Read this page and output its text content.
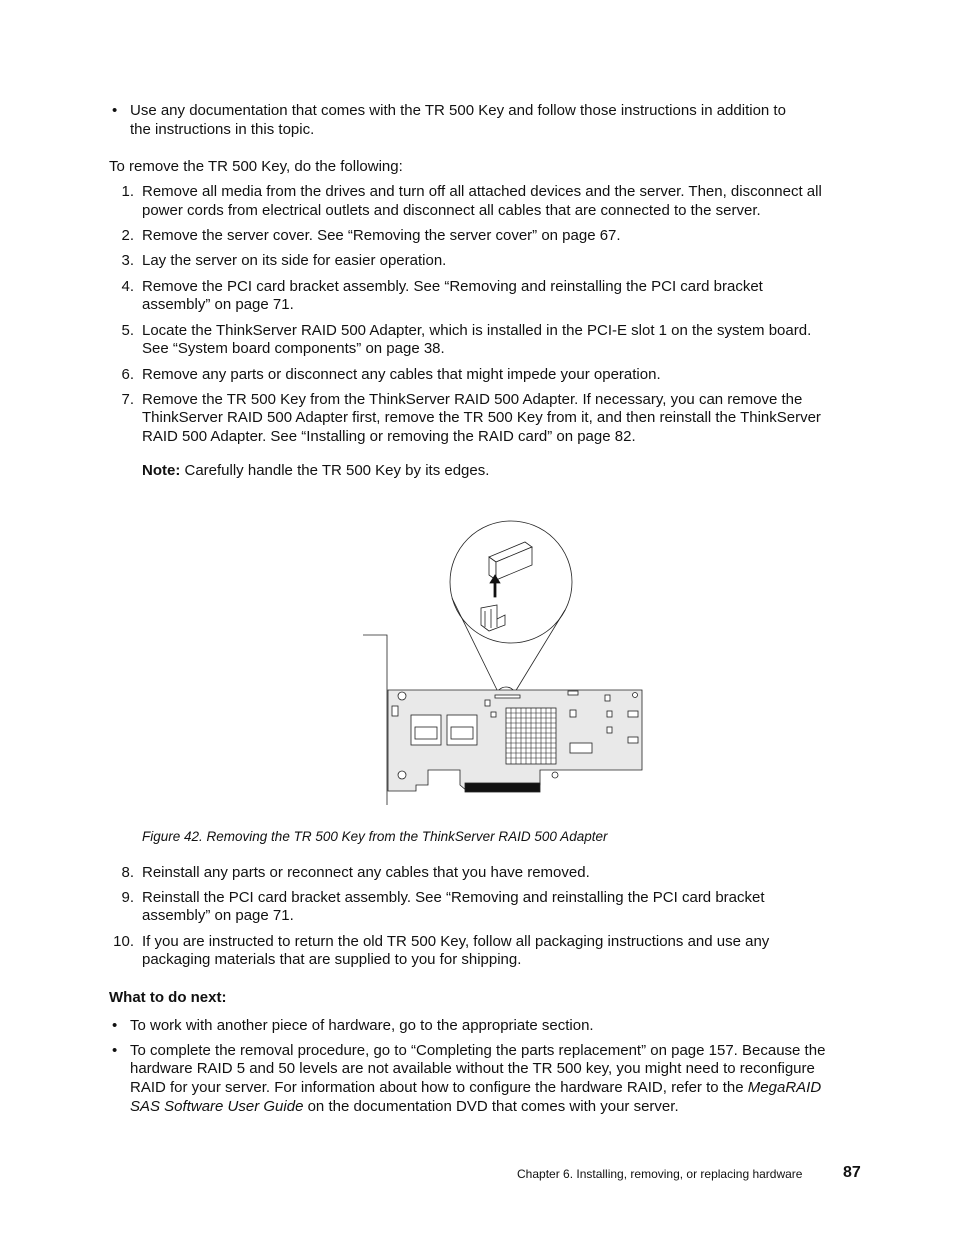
• Use any documentation that comes with the TR 500 Key and follow those instructions in addition to
the instructions in this topic.
To remove the TR 500 Key, do the following:
1. Remove all media from the drives and turn off all attached devices and the server. Then, disconnect all
power cords from electrical outlets and disconnect all cables that are connected to the server.
2. Remove the server cover. See “Removing the server cover” on page 67.
3. Lay the server on its side for easier operation.
4. Remove the PCI card bracket assembly. See “Removing and reinstalling the PCI card bracket
assembly” on page 71.
5. Locate the ThinkServer RAID 500 Adapter, which is installed in the PCI-E slot 1 on the system board.
See “System board components” on page 38.
6. Remove any parts or disconnect any cables that might impede your operation.
7. Remove the TR 500 Key from the ThinkServer RAID 500 Adapter. If necessary, you can remove the
ThinkServer RAID 500 Adapter first, remove the TR 500 Key from it, and then reinstall the ThinkServer
RAID 500 Adapter. See “Installing or removing the RAID card” on page 82.
Note: Carefully handle the TR 500 Key by its edges.
Figure 42. Removing the TR 500 Key from the ThinkServer RAID 500 Adapter
8. Reinstall any parts or reconnect any cables that you have removed.
9. Reinstall the PCI card bracket assembly. See “Removing and reinstalling the PCI card bracket
assembly” on page 71.
10. If you are instructed to return the old TR 500 Key, follow all packaging instructions and use any
packaging materials that are supplied to you for shipping.
What to do next:
• To work with another piece of hardware, go to the appropriate section.
• To complete the removal procedure, go to “Completing the parts replacement” on page 157. Because the
hardware RAID 5 and 50 levels are not available without the TR 500 key, you might need to reconfigure
RAID for your server. For information about how to configure the hardware RAID, refer to the MegaRAID
SAS Software User Guide on the documentation DVD that comes with your server.
Chapter 6. Installing, removing, or replacing hardware	87
